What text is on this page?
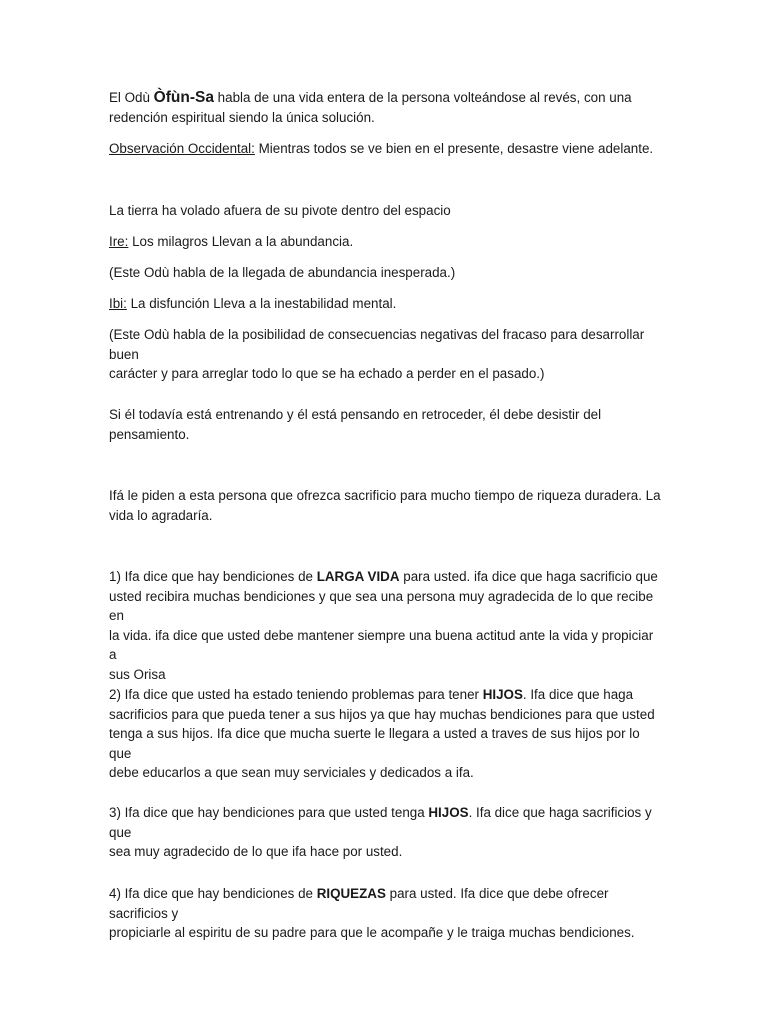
El Odù Òfùn-Sa habla de una vida entera de la persona volteándose al revés, con una
redención espiritual siendo la única solución.

Observación Occidental: Mientras todos se ve bien en el presente, desastre viene adelante.

La tierra ha volado afuera de su pivote dentro del espacio

Ire: Los milagros Llevan a la abundancia.

(Este Odù habla de la llegada de abundancia inesperada.)

Ibi: La disfunción Lleva a la inestabilidad mental.

(Este Odù habla de la posibilidad de consecuencias negativas del fracaso para desarrollar buen
carácter y para arreglar todo lo que se ha echado a perder en el pasado.)

Si él todavía está entrenando y él está pensando en retroceder, él debe desistir del
pensamiento.

Ifá le piden a esta persona que ofrezca sacrificio para mucho tiempo de riqueza duradera. La
vida lo agradaría.

1) Ifa dice que hay bendiciones de LARGA VIDA para usted. ifa dice que haga sacrificio que
usted recibira muchas bendiciones y que sea una persona muy agradecida de lo que recibe en
la vida. ifa dice que usted debe mantener siempre una buena actitud ante la vida y propiciar a
sus Orisa

2) Ifa dice que usted ha estado teniendo problemas para tener HIJOS. Ifa dice que haga
sacrificios para que pueda tener a sus hijos ya que hay muchas bendiciones para que usted
tenga a sus hijos. Ifa dice que mucha suerte le llegara a usted a traves de sus hijos por lo que
debe educarlos a que sean muy serviciales y dedicados a ifa.

3) Ifa dice que hay bendiciones para que usted tenga HIJOS. Ifa dice que haga sacrificios y que
sea muy agradecido de lo que ifa hace por usted.

4) Ifa dice que hay bendiciones de RIQUEZAS para usted. Ifa dice que debe ofrecer sacrificios y
propiciarle al espiritu de su padre para que le acompañe y le traiga muchas bendiciones.
